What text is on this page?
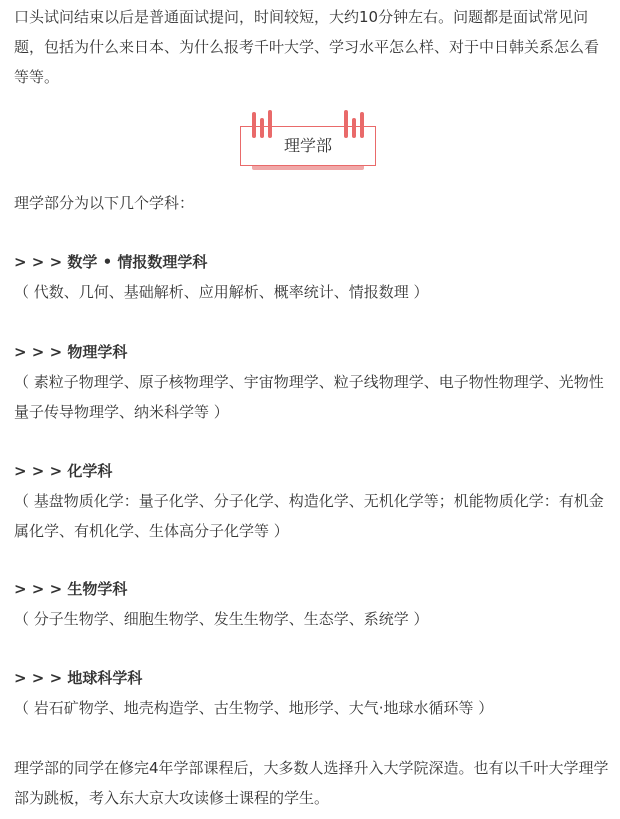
口头试问结束以后是普通面试提问，时间较短，大约10分钟左右。问题都是面试常见问题，包括为什么来日本、为什么报考千叶大学、学习水平怎么样、对于中日韩关系怎么看等等。

理学部

理学部分为以下几个学科：

> > > 数学 • 情报数理学科

（ 代数、几何、基础解析、应用解析、概率统计、情报数理 ）

> > > 物理学科

（ 素粒子物理学、原子核物理学、宇宙物理学、粒子线物理学、电子物性物理学、光物性量子传导物理学、纳米科学等 ）

> > > 化学科

（ 基盘物质化学：量子化学、分子化学、构造化学、无机化学等；机能物质化学：有机金属化学、有机化学、生体高分子化学等 ）

> > > 生物学科

（ 分子生物学、细胞生物学、发生生物学、生态学、系统学 ）

> > > 地球科学科

（ 岩石矿物学、地壳构造学、古生物学、地形学、大气·地球水循环等 ）

理学部的同学在修完4年学部课程后，大多数人选择升入大学院深造。也有以千叶大学理学部为跳板，考入东大京大攻读修士课程的学生。
